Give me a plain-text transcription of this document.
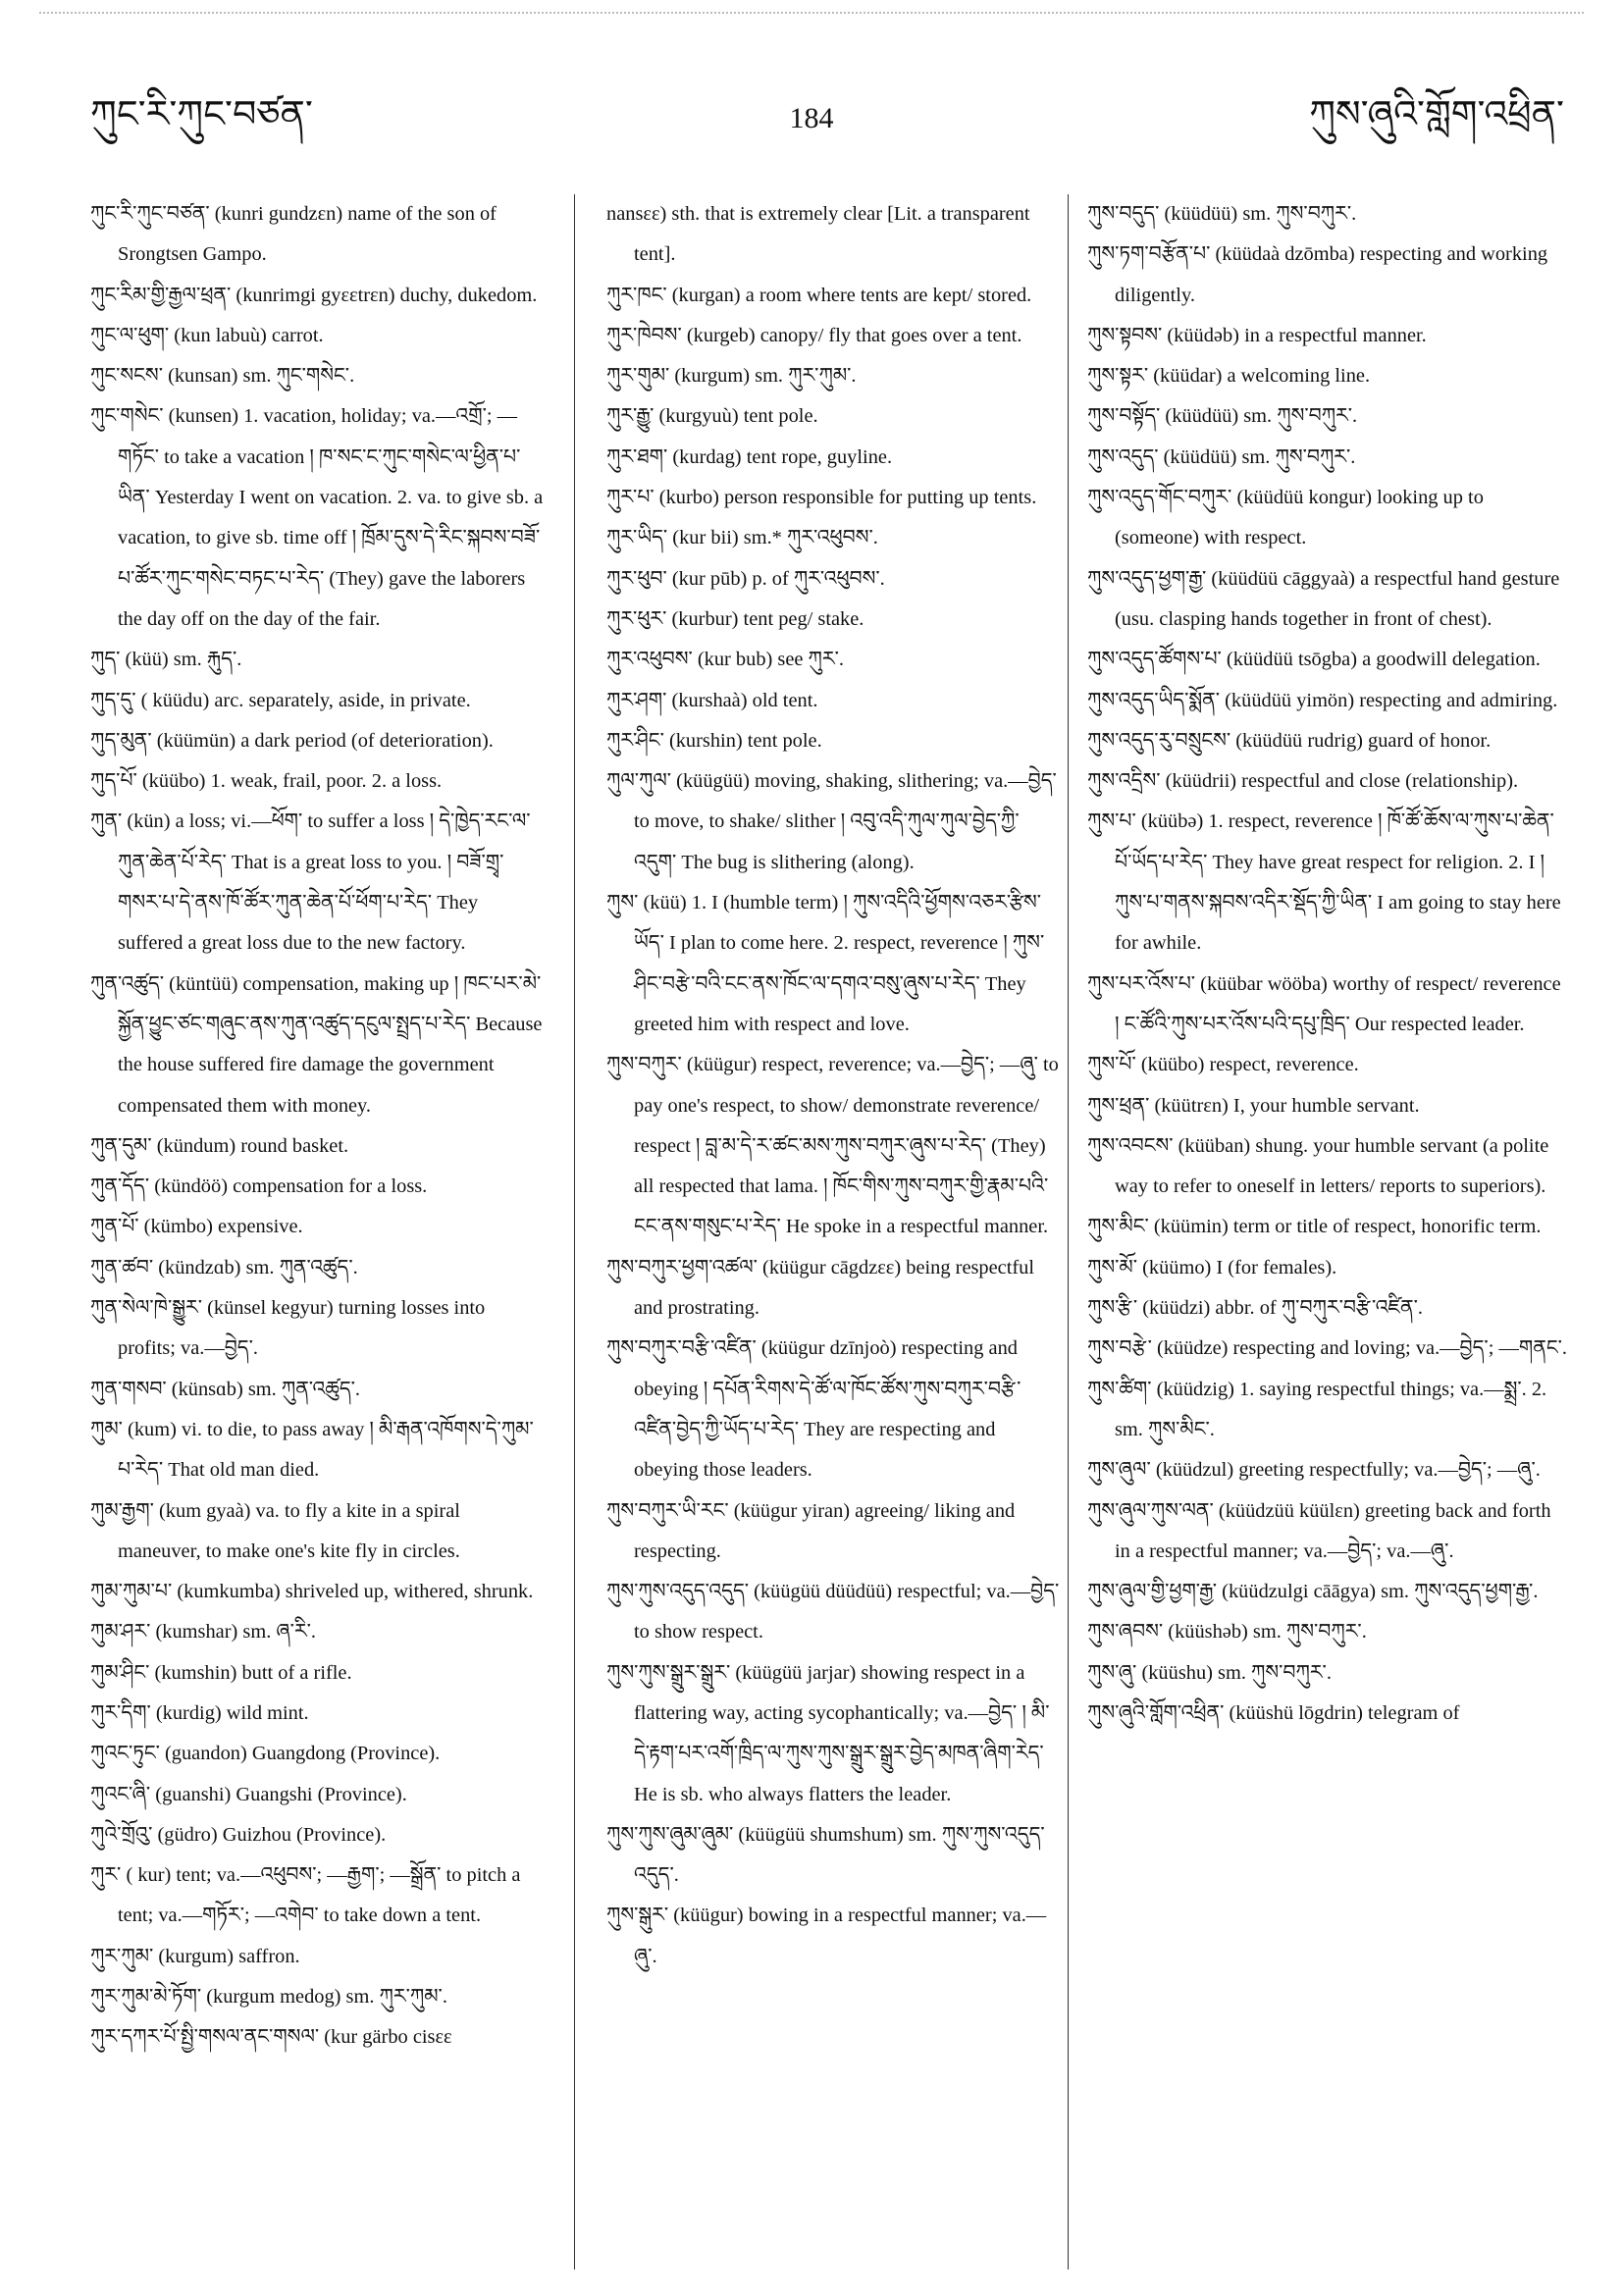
ཀུང་རི་ཀུང་བཙན་	184	ཀུས་ཞུའི་གློག་འཕྲིན་

ཀུང་རི་ཀུང་བཙན་ (kunri gundzɛn) name of the son of Srongtsen Gampo.

ཀུང་རིམ་གྱི་རྒྱལ་ཕྲན་ (kunrimgi gyɛɛtrɛn) duchy, dukedom.

ཀུང་ལ་ཕུག་ (kun labuù) carrot.

ཀུང་སངས་ (kunsan) sm. ཀུང་གསེང་.

ཀུང་གསེང་ (kunsen) 1. vacation, holiday; va.—འགྲོ་; —གཏོང་ to take a vacation ། ཁ་སང་ང་ཀུང་གསེང་ལ་ཕྱིན་པ་ཡིན་ Yesterday I went on vacation. 2. va. to give sb. a vacation, to give sb. time off ། ཁྲོམ་དུས་དེ་རིང་སྐབས་བཟོ་པ་ཚོར་ཀུང་གསེང་བཏང་པ་རེད་ (They) gave the laborers the day off on the day of the fair.

ཀུད་ (küü) sm. རྐུད་.

ཀུད་དུ་ ( küüdu) arc. separately, aside, in private.

ཀུད་མུན་ (küümün) a dark period (of deterioration).

ཀུད་པོ་ (küübo) 1. weak, frail, poor. 2. a loss.

ཀུན་ (kün) a loss; vi.—ཕོག་ to suffer a loss ། དེ་ཁྱེད་རང་ལ་ཀུན་ཆེན་པོ་རེད་ That is a great loss to you. ། བཟོ་གྲྭ་གསར་པ་དེ་ནས་ཁོ་ཚོར་ཀུན་ཆེན་པོ་ཕོག་པ་རེད་ They suffered a great loss due to the new factory.

ཀུན་འཚུད་ (küntüü) compensation, making up ། ཁང་པར་མེ་སྐྱོན་ཕྱུང་ཙང་གཞུང་ནས་ཀུན་འཚུད་དངུལ་སྤྲད་པ་རེད་ Because the house suffered fire damage the government compensated them with money.

ཀུན་དུམ་ (kündum) round basket.

ཀུན་དོད་ (kündöö) compensation for a loss.

ཀུན་པོ་ (kümbo) expensive.

ཀུན་ཚབ་ (kündzɑb) sm. ཀུན་འཚུད་.

ཀུན་སེལ་ཁེ་སྒྱུར་ (künsel kegyur) turning losses into profits; va.—བྱེད་.

ཀུན་གསབ་ (künsɑb) sm. ཀུན་འཚུད་.

ཀུམ་ (kum) vi. to die, to pass away ། མི་རྒན་འཁོགས་དེ་ཀུམ་པ་རེད་ That old man died.

ཀུམ་རྒྱག་ (kum gyaà) va. to fly a kite in a spiral maneuver, to make one's kite fly in circles.

ཀུམ་ཀུམ་པ་ (kumkumba) shriveled up, withered, shrunk.

ཀུམ་ཤར་ (kumshar) sm. ཞ་རི་.

ཀུམ་ཤིང་ (kumshin) butt of a rifle.

ཀུར་དིག་ (kurdig) wild mint.

ཀུའང་ཏུང་ (guandon) Guangdong (Province).

ཀུའང་ཞི་ (guanshi) Guangshi (Province).

ཀུའེ་གྲོའུ་ (güdro) Guizhou (Province).

ཀུར་ ( kur) tent; va.—འཕུབས་; —རྒྱག་; —སྒྲོན་ to pitch a tent; va.—གཏོར་; —འགེབ་ to take down a tent.

ཀུར་ཀུམ་ (kurgum) saffron.

ཀུར་ཀུམ་མེ་ཏོག་ (kurgum medog) sm. ཀུར་ཀུམ་.

ཀུར་དཀར་པོ་སྤྱི་གསལ་ནང་གསལ་ (kur gärbo cisɛɛ

nansɛɛ) sth. that is extremely clear [Lit. a transparent tent].

ཀུར་ཁང་ (kurgan) a room where tents are kept/ stored.

ཀུར་ཁེབས་ (kurgeb) canopy/ fly that goes over a tent.

ཀུར་གུམ་ (kurgum) sm. ཀུར་ཀུམ་.

ཀུར་རྒྱུ་ (kurgyuù) tent pole.

ཀུར་ཐག་ (kurdag) tent rope, guyline.

ཀུར་པ་ (kurbo) person responsible for putting up tents.

ཀུར་ཡིད་ (kur bii) sm.* ཀུར་འཕུབས་.

ཀུར་ཕུབ་ (kur pūb) p. of ཀུར་འཕུབས་.

ཀུར་ཕུར་ (kurbur) tent peg/ stake.

ཀུར་འཕུབས་ (kur bub) see ཀུར་.

ཀུར་ཤག་ (kurshaà) old tent.

ཀུར་ཤིང་ (kurshin) tent pole.

ཀུལ་ཀུལ་ (küügüü) moving, shaking, slithering; va.—བྱེད་ to move, to shake/ slither ། འབུ་འདི་ཀུལ་ཀུལ་བྱེད་ཀྱི་འདུག་ The bug is slithering (along).

ཀུས་ (küü) 1. I (humble term) ། ཀུས་འདིའི་ཕྱོགས་འཅར་རྩིས་ཡོད་ I plan to come here. 2. respect, reverence ། ཀུས་ཤིང་བརྩེ་བའི་ངང་ནས་ཁོང་ལ་དགའ་བསུ་ཞུས་པ་རེད་ They greeted him with respect and love.

ཀུས་བཀུར་ (küügur) respect, reverence; va.—བྱེད་; —ཞུ་ to pay one's respect, to show/ demonstrate reverence/ respect ། བླ་མ་དེ་ར་ཚང་མས་ཀུས་བཀུར་ཞུས་པ་རེད་ (They) all respected that lama. ། ཁོང་གིས་ཀུས་བཀུར་གྱི་རྣམ་པའི་ངང་ནས་གསུང་པ་རེད་ He spoke in a respectful manner.

ཀུས་བཀུར་ཕྱག་འཚལ་ (küügur cāgdzɛɛ) being respectful and prostrating.

ཀུས་བཀུར་བརྩི་འཛིན་ (küügur dzīnjoò) respecting and obeying ། དཔོན་རིགས་དེ་ཚོ་ལ་ཁོང་ཚོས་ཀུས་བཀུར་བརྩི་འཛིན་བྱེད་ཀྱི་ཡོད་པ་རེད་ They are respecting and obeying those leaders.

ཀུས་བཀུར་ཡི་རང་ (küügur yiran) agreeing/ liking and respecting.

ཀུས་ཀུས་འདུད་འདུད་ (küügüü düüdüü) respectful; va.—བྱེད་ to show respect.

ཀུས་ཀུས་སྒྲུར་སྒྲུར་ (küügüü jarjar) showing respect in a flattering way, acting sycophantically; va.—བྱེད་ ། མི་དེ་རྟག་པར་འགོ་ཁྲིད་ལ་ཀུས་ཀུས་སྒྲུར་སྒྲུར་བྱེད་མཁན་ཞིག་རེད་ He is sb. who always flatters the leader.

ཀུས་ཀུས་ཞུམ་ཞུམ་ (küügüü shumshum) sm. ཀུས་ཀུས་འདུད་འདུད་.

ཀུས་སྒུར་ (küügur) bowing in a respectful manner; va.—ཞུ་.

ཀུས་བདུད་ (küüdüü) sm. ཀུས་བཀུར་.

ཀུས་ཏག་བརྩོན་པ་ (küüdaà dzōmba) respecting and working diligently.

ཀུས་སྟབས་ (küüdəb) in a respectful manner.

ཀུས་སྟར་ (küüdar) a welcoming line.

ཀུས་བསྟོད་ (küüdüü) sm. ཀུས་བཀུར་.

ཀུས་འདུད་ (küüdüü) sm. ཀུས་བཀུར་.

ཀུས་འདུད་གོང་བཀུར་ (küüdüü kongur) looking up to (someone) with respect.

ཀུས་འདུད་ཕྱག་རྒྱ་ (küüdüü cāggyaà) a respectful hand gesture (usu. clasping hands together in front of chest).

ཀུས་འདུད་ཚོགས་པ་ (küüdüü tsōgba) a goodwill delegation.

ཀུས་འདུད་ཡིད་སྨོན་ (küüdüü yimön) respecting and admiring.

ཀུས་འདུད་རུ་བསྲུངས་ (küüdüü rudrig) guard of honor.

ཀུས་འདྲིས་ (küüdrii) respectful and close (relationship).

ཀུས་པ་ (küübə) 1. respect, reverence ། ཁོ་ཚོ་ཆོས་ལ་ཀུས་པ་ཆེན་པོ་ཡོད་པ་རེད་ They have great respect for religion. 2. I ། ཀུས་པ་གནས་སྐབས་འདིར་སྡོད་ཀྱི་ཡིན་ I am going to stay here for awhile.

ཀུས་པར་འོས་པ་ (küübar wööba) worthy of respect/ reverence ། ང་ཚོའི་ཀུས་པར་འོས་པའི་དཔུ་ཁྲིད་ Our respected leader.

ཀུས་པོ་ (küübo) respect, reverence.

ཀུས་ཕྲན་ (küütrɛn) I, your humble servant.

ཀུས་འབངས་ (küüban) shung. your humble servant (a polite way to refer to oneself in letters/ reports to superiors).

ཀུས་མིང་ (küümin) term or title of respect, honorific term.

ཀུས་མོ་ (küümo) I (for females).

ཀུས་རྩི་ (küüdzi) abbr. of ཀུ་བཀུར་བརྩི་འཛིན་.

ཀུས་བརྩེ་ (küüdze) respecting and loving; va.—བྱེད་; —གནང་.

ཀུས་ཚིག་ (küüdzig) 1. saying respectful things; va.—སྨྲ་. 2. sm. ཀུས་མིང་.

ཀུས་ཞུལ་ (küüdzul) greeting respectfully; va.—བྱེད་; —ཞུ་.

ཀུས་ཞུལ་ཀུས་ལན་ (küüdzüü küülɛn) greeting back and forth in a respectful manner; va.—བྱེད་; va.—ཞུ་.

ཀུས་ཞུལ་གྱི་ཕྱག་རྒྱ་ (küüdzulgi cāāgya) sm. ཀུས་འདུད་ཕྱག་རྒྱ་.

ཀུས་ཞབས་ (küüshəb) sm. ཀུས་བཀུར་.

ཀུས་ཞུ་ (küüshu) sm. ཀུས་བཀུར་.

ཀུས་ཞུའི་གློག་འཕྲིན་ (küüshü lōgdrin) telegram of
